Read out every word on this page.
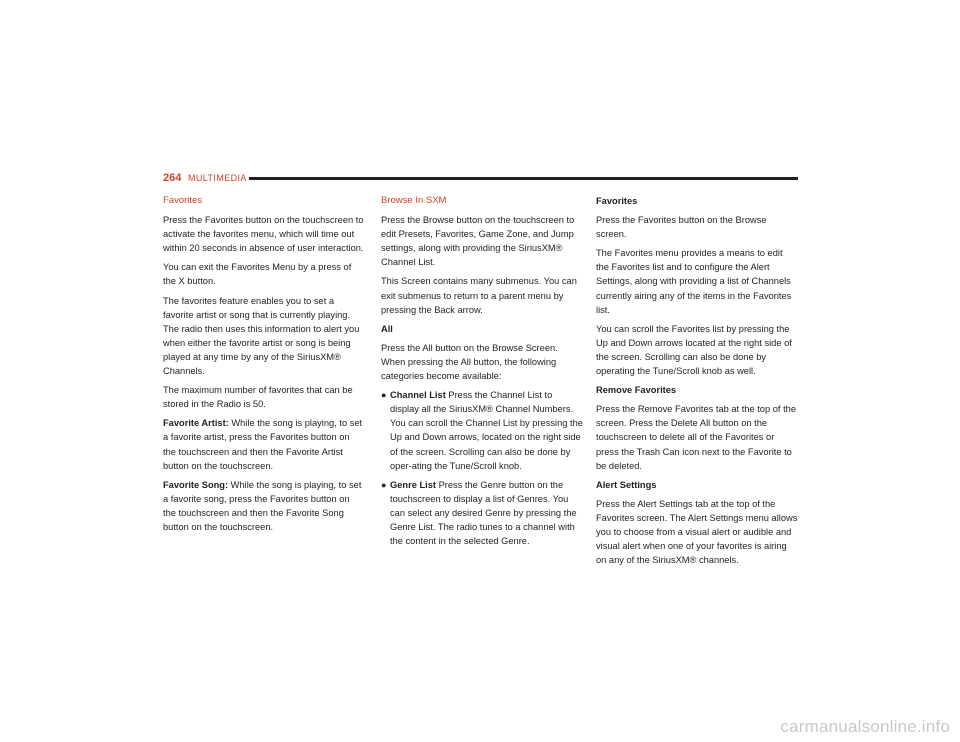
264 MULTIMEDIA

Favorites

Press the Favorites button on the touchscreen to activate the favorites menu, which will time out within 20 seconds in absence of user interaction.

You can exit the Favorites Menu by a press of the X button.

The favorites feature enables you to set a favorite artist or song that is currently playing. The radio then uses this information to alert you when either the favorite artist or song is being played at any time by any of the SiriusXM® Channels.

The maximum number of favorites that can be stored in the Radio is 50.

Favorite Artist: While the song is playing, to set a favorite artist, press the Favorites button on the touchscreen and then the Favorite Artist button on the touchscreen.

Favorite Song: While the song is playing, to set a favorite song, press the Favorites button on the touchscreen and then the Favorite Song button on the touchscreen.

Browse In SXM

Press the Browse button on the touchscreen to edit Presets, Favorites, Game Zone, and Jump settings, along with providing the SiriusXM® Channel List.

This Screen contains many submenus. You can exit submenus to return to a parent menu by pressing the Back arrow.

All

Press the All button on the Browse Screen. When pressing the All button, the following categories become available:

● Channel List Press the Channel List to display all the SiriusXM® Channel Numbers. You can scroll the Channel List by pressing the Up and Down arrows, located on the right side of the screen. Scrolling can also be done by oper-ating the Tune/Scroll knob.
● Genre List Press the Genre button on the touchscreen to display a list of Genres. You can select any desired Genre by pressing the Genre List. The radio tunes to a channel with the content in the selected Genre.

Favorites

Press the Favorites button on the Browse screen.

The Favorites menu provides a means to edit the Favorites list and to configure the Alert Settings, along with providing a list of Channels currently airing any of the items in the Favorites list.

You can scroll the Favorites list by pressing the Up and Down arrows located at the right side of the screen. Scrolling can also be done by operating the Tune/Scroll knob as well.

Remove Favorites

Press the Remove Favorites tab at the top of the screen. Press the Delete All button on the touchscreen to delete all of the Favorites or press the Trash Can icon next to the Favorite to be deleted.

Alert Settings

Press the Alert Settings tab at the top of the Favorites screen. The Alert Settings menu allows you to choose from a visual alert or audible and visual alert when one of your favorites is airing on any of the SiriusXM® channels.

carmanualsonline.info
